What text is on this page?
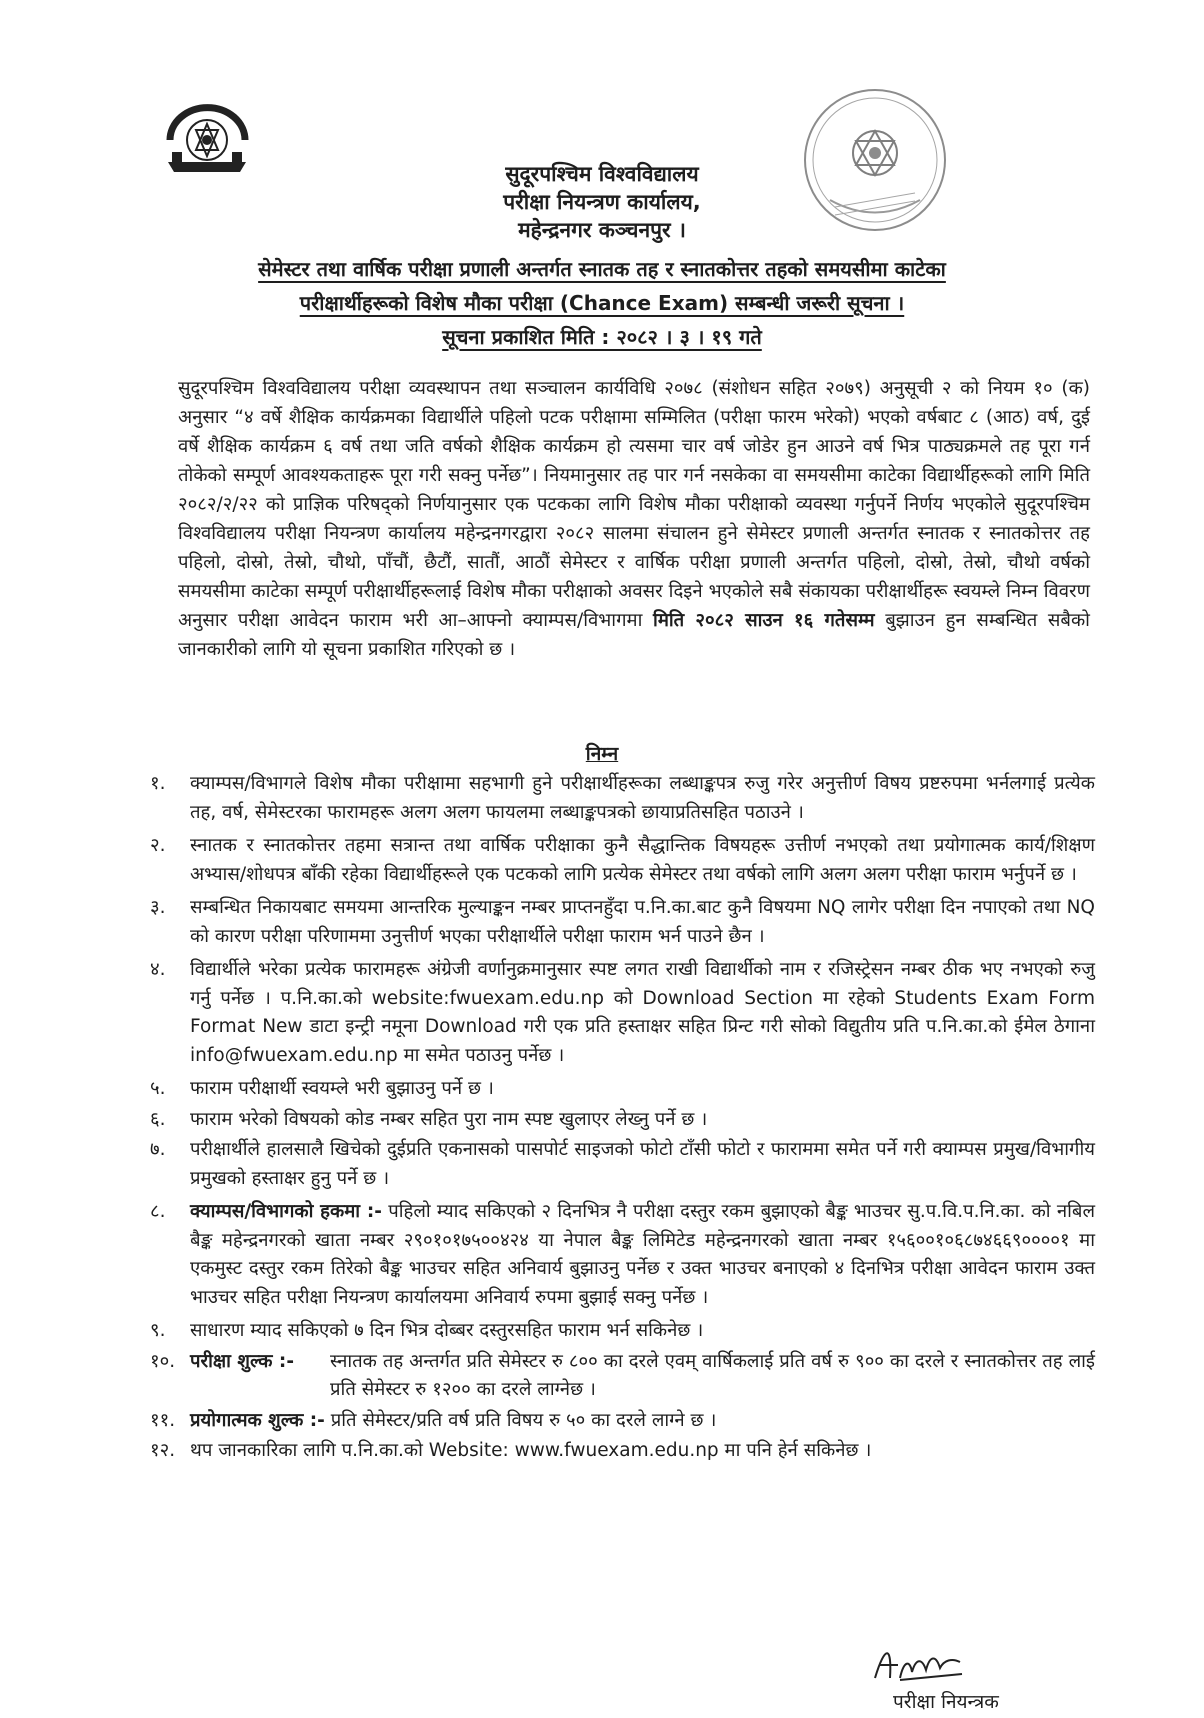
सुदूरपश्चिम विश्वविद्यालय
परीक्षा नियन्त्रण कार्यालय,
महेन्द्रनगर कञ्चनपुर ।
सेमेस्टर तथा वार्षिक परीक्षा प्रणाली अन्तर्गत स्नातक तह र स्नातकोत्तर तहको समयसीमा काटेका
परीक्षार्थीहरूको विशेष मौका परीक्षा (Chance Exam) सम्बन्धी जरूरी सूचना ।
सूचना प्रकाशित मिति : २०८२ । ३ । १९ गते

सुदूरपश्चिम विश्वविद्यालय परीक्षा व्यवस्थापन तथा सञ्चालन कार्यविधि २०७८ (संशोधन सहित २०७९) अनुसूची २ को नियम १० (क) अनुसार “४ वर्षे शैक्षिक कार्यक्रमका विद्यार्थीले पहिलो पटक परीक्षामा सम्मिलित (परीक्षा फारम भरेको) भएको वर्षबाट ८ (आठ) वर्ष, दुई वर्षे शैक्षिक कार्यक्रम ६ वर्ष तथा जति वर्षको शैक्षिक कार्यक्रम हो त्यसमा चार वर्ष जोडेर हुन आउने वर्ष भित्र पाठ्यक्रमले तह पूरा गर्न तोकेको सम्पूर्ण आवश्यकताहरू पूरा गरी सक्नु पर्नेछ”। नियमानुसार तह पार गर्न नसकेका वा समयसीमा काटेका विद्यार्थीहरूको लागि मिति २०८२/२/२२ को प्राज्ञिक परिषद्को निर्णयानुसार एक पटकका लागि विशेष मौका परीक्षाको व्यवस्था गर्नुपर्ने निर्णय भएकोले सुदूरपश्चिम विश्वविद्यालय परीक्षा नियन्त्रण कार्यालय महेन्द्रनगरद्वारा २०८२ सालमा संचालन हुने सेमेस्टर प्रणाली अन्तर्गत स्नातक र स्नातकोत्तर तह पहिलो, दोस्रो, तेस्रो, चौथो, पाँचौं, छैटौं, सातौं, आठौं सेमेस्टर र वार्षिक परीक्षा प्रणाली अन्तर्गत पहिलो, दोस्रो, तेस्रो, चौथो वर्षको समयसीमा काटेका सम्पूर्ण परीक्षार्थीहरूलाई विशेष मौका परीक्षाको अवसर दिइने भएकोले सबै संकायका परीक्षार्थीहरू स्वयम्ले निम्न विवरण अनुसार परीक्षा आवेदन फाराम भरी आ–आफ्नो क्याम्पस/विभागमा मिति २०८२ साउन १६ गतेसम्म बुझाउन हुन सम्बन्धित सबैको जानकारीको लागि यो सूचना प्रकाशित गरिएको छ ।

निम्न
१.	क्याम्पस/विभागले विशेष मौका परीक्षामा सहभागी हुने परीक्षार्थीहरूका लब्धाङ्कपत्र रुजु गरेर अनुत्तीर्ण विषय प्रष्टरुपमा भर्नलगाई प्रत्येक तह, वर्ष, सेमेस्टरका फारामहरू अलग अलग फायलमा लब्धाङ्कपत्रको छायाप्रतिसहित पठाउने ।
२.	स्नातक र स्नातकोत्तर तहमा सत्रान्त तथा वार्षिक परीक्षाका कुनै सैद्धान्तिक विषयहरू उत्तीर्ण नभएको तथा प्रयोगात्मक कार्य/शिक्षण अभ्यास/शोधपत्र बाँकी रहेका विद्यार्थीहरूले एक पटकको लागि प्रत्येक सेमेस्टर तथा वर्षको लागि अलग अलग परीक्षा फाराम भर्नुपर्ने छ ।
३.	सम्बन्धित निकायबाट समयमा आन्तरिक मुल्याङ्कन नम्बर प्राप्तनहुँदा प.नि.का.बाट कुनै विषयमा NQ लागेर परीक्षा दिन नपाएको तथा NQ को कारण परीक्षा परिणाममा उनुत्तीर्ण भएका परीक्षार्थीले परीक्षा फाराम भर्न पाउने छैन ।
४.	विद्यार्थीले भरेका प्रत्येक फारामहरू अंग्रेजी वर्णानुक्रमानुसार स्पष्ट लगत राखी विद्यार्थीको नाम र रजिस्ट्रेसन नम्बर ठीक भए नभएको रुजु गर्नु पर्नेछ । प.नि.का.को website:fwuexam.edu.np को Download Section मा रहेको Students Exam Form Format New डाटा इन्ट्री नमूना Download गरी एक प्रति हस्ताक्षर सहित प्रिन्ट गरी सोको विद्युतीय प्रति प.नि.का.को ईमेल ठेगाना info@fwuexam.edu.np मा समेत पठाउनु पर्नेछ ।
५.	फाराम परीक्षार्थी स्वयम्ले भरी बुझाउनु पर्ने छ ।
६.	फाराम भरेको विषयको कोड नम्बर सहित पुरा नाम स्पष्ट खुलाएर लेख्नु पर्ने छ ।
७.	परीक्षार्थीले हालसालै खिचेको दुईप्रति एकनासको पासपोर्ट साइजको फोटो टाँसी फोटो र फाराममा समेत पर्ने गरी क्याम्पस प्रमुख/विभागीय प्रमुखको हस्ताक्षर हुनु पर्ने छ ।
८.	क्याम्पस/विभागको हकमा :- पहिलो म्याद सकिएको २ दिनभित्र नै परीक्षा दस्तुर रकम बुझाएको बैङ्क भाउचर सु.प.वि.प.नि.का. को नबिल बैङ्क महेन्द्रनगरको खाता नम्बर २९०१०१७५००४२४ या नेपाल बैङ्क लिमिटेड महेन्द्रनगरको खाता नम्बर १५६००१०६८७४६६९००००१ मा एकमुस्ट दस्तुर रकम तिरेको बैङ्क भाउचर सहित अनिवार्य बुझाउनु पर्नेछ र उक्त भाउचर बनाएको ४ दिनभित्र परीक्षा आवेदन फाराम उक्त भाउचर सहित परीक्षा नियन्त्रण कार्यालयमा अनिवार्य रुपमा बुझाई सक्नु पर्नेछ ।
९.	साधारण म्याद सकिएको ७ दिन भित्र दोब्बर दस्तुरसहित फाराम भर्न सकिनेछ ।
१०. परीक्षा शुल्क :-	स्नातक तह अन्तर्गत प्रति सेमेस्टर रु ८०० का दरले एवम् वार्षिकलाई प्रति वर्ष रु ९०० का दरले र स्नातकोत्तर तह लाई प्रति सेमेस्टर रु १२०० का दरले लाग्नेछ ।
११. प्रयोगात्मक शुल्क :- प्रति सेमेस्टर/प्रति वर्ष प्रति विषय रु ५० का दरले लाग्ने छ ।
१२. थप जानकारिका लागि प.नि.का.को Website: www.fwuexam.edu.np मा पनि हेर्न सकिनेछ ।
परीक्षा नियन्त्रक
